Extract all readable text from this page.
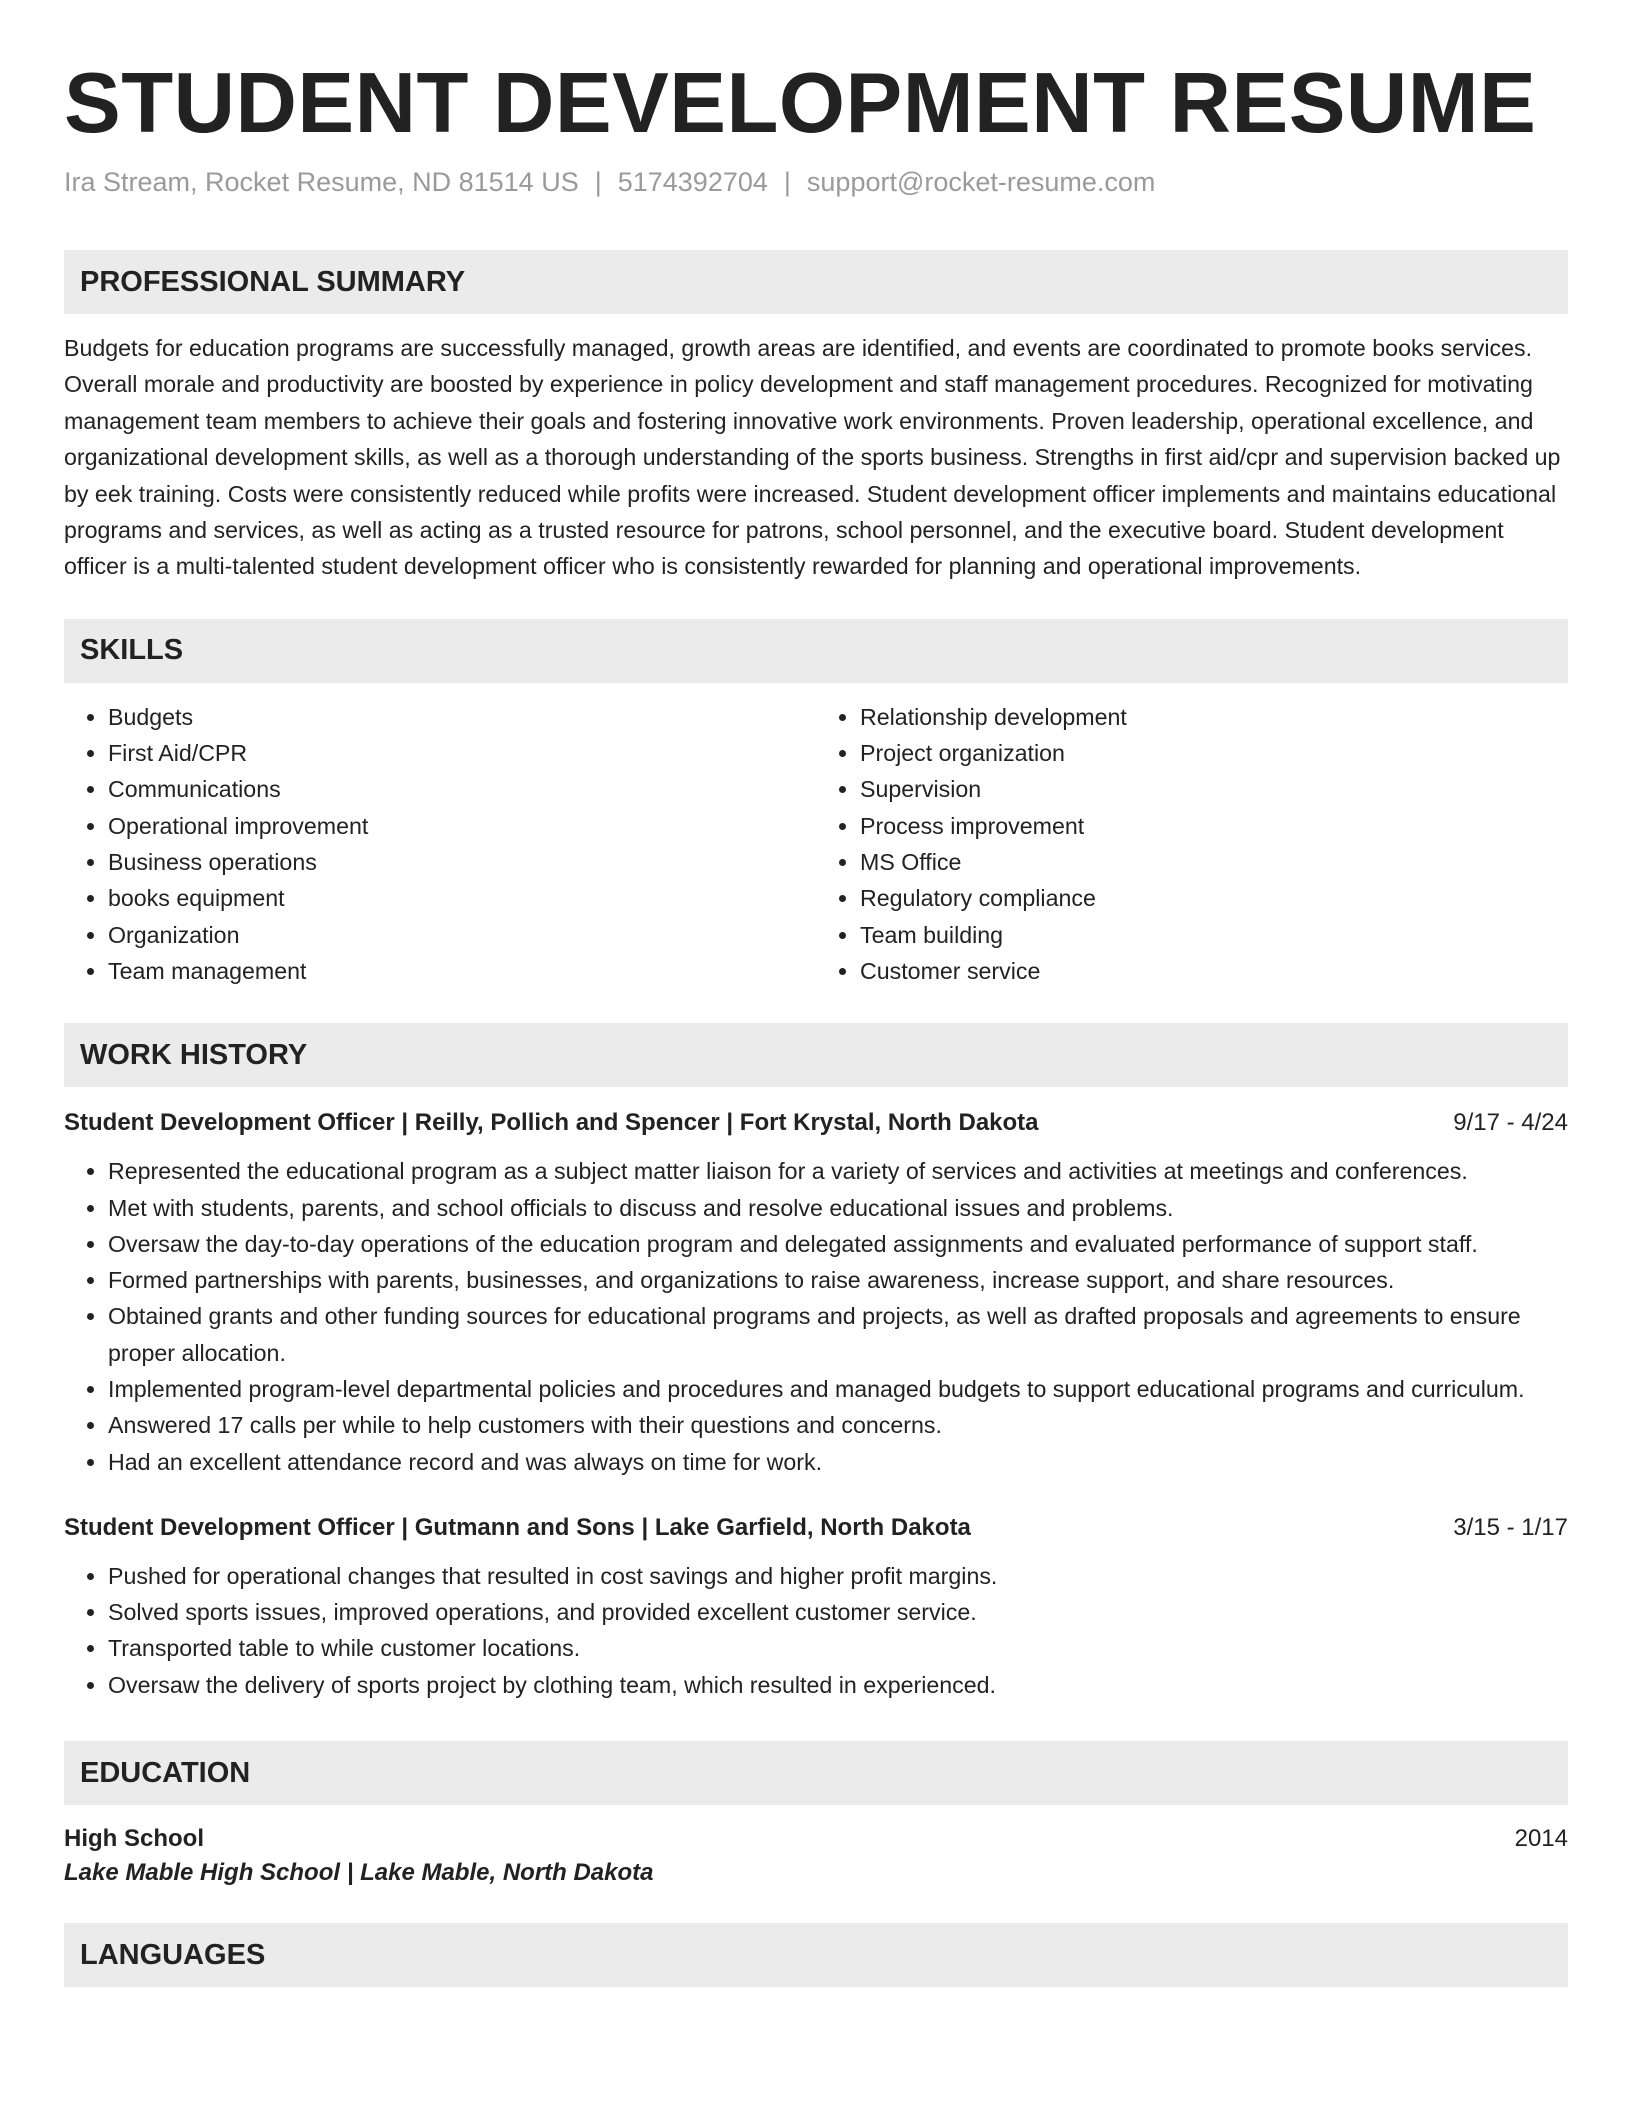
STUDENT DEVELOPMENT RESUME
Ira Stream, Rocket Resume, ND 81514 US | 5174392704 | support@rocket-resume.com
PROFESSIONAL SUMMARY
Budgets for education programs are successfully managed, growth areas are identified, and events are coordinated to promote books services. Overall morale and productivity are boosted by experience in policy development and staff management procedures. Recognized for motivating management team members to achieve their goals and fostering innovative work environments. Proven leadership, operational excellence, and organizational development skills, as well as a thorough understanding of the sports business. Strengths in first aid/cpr and supervision backed up by eek training. Costs were consistently reduced while profits were increased. Student development officer implements and maintains educational programs and services, as well as acting as a trusted resource for patrons, school personnel, and the executive board. Student development officer is a multi-talented student development officer who is consistently rewarded for planning and operational improvements.
SKILLS
• Budgets
• First Aid/CPR
• Communications
• Operational improvement
• Business operations
• books equipment
• Organization
• Team management
• Relationship development
• Project organization
• Supervision
• Process improvement
• MS Office
• Regulatory compliance
• Team building
• Customer service
WORK HISTORY
Student Development Officer | Reilly, Pollich and Spencer | Fort Krystal, North Dakota	9/17 - 4/24
• Represented the educational program as a subject matter liaison for a variety of services and activities at meetings and conferences.
• Met with students, parents, and school officials to discuss and resolve educational issues and problems.
• Oversaw the day-to-day operations of the education program and delegated assignments and evaluated performance of support staff.
• Formed partnerships with parents, businesses, and organizations to raise awareness, increase support, and share resources.
• Obtained grants and other funding sources for educational programs and projects, as well as drafted proposals and agreements to ensure proper allocation.
• Implemented program-level departmental policies and procedures and managed budgets to support educational programs and curriculum.
• Answered 17 calls per while to help customers with their questions and concerns.
• Had an excellent attendance record and was always on time for work.
Student Development Officer | Gutmann and Sons | Lake Garfield, North Dakota	3/15 - 1/17
• Pushed for operational changes that resulted in cost savings and higher profit margins.
• Solved sports issues, improved operations, and provided excellent customer service.
• Transported table to while customer locations.
• Oversaw the delivery of sports project by clothing team, which resulted in experienced.
EDUCATION
High School	2014
Lake Mable High School | Lake Mable, North Dakota
LANGUAGES
